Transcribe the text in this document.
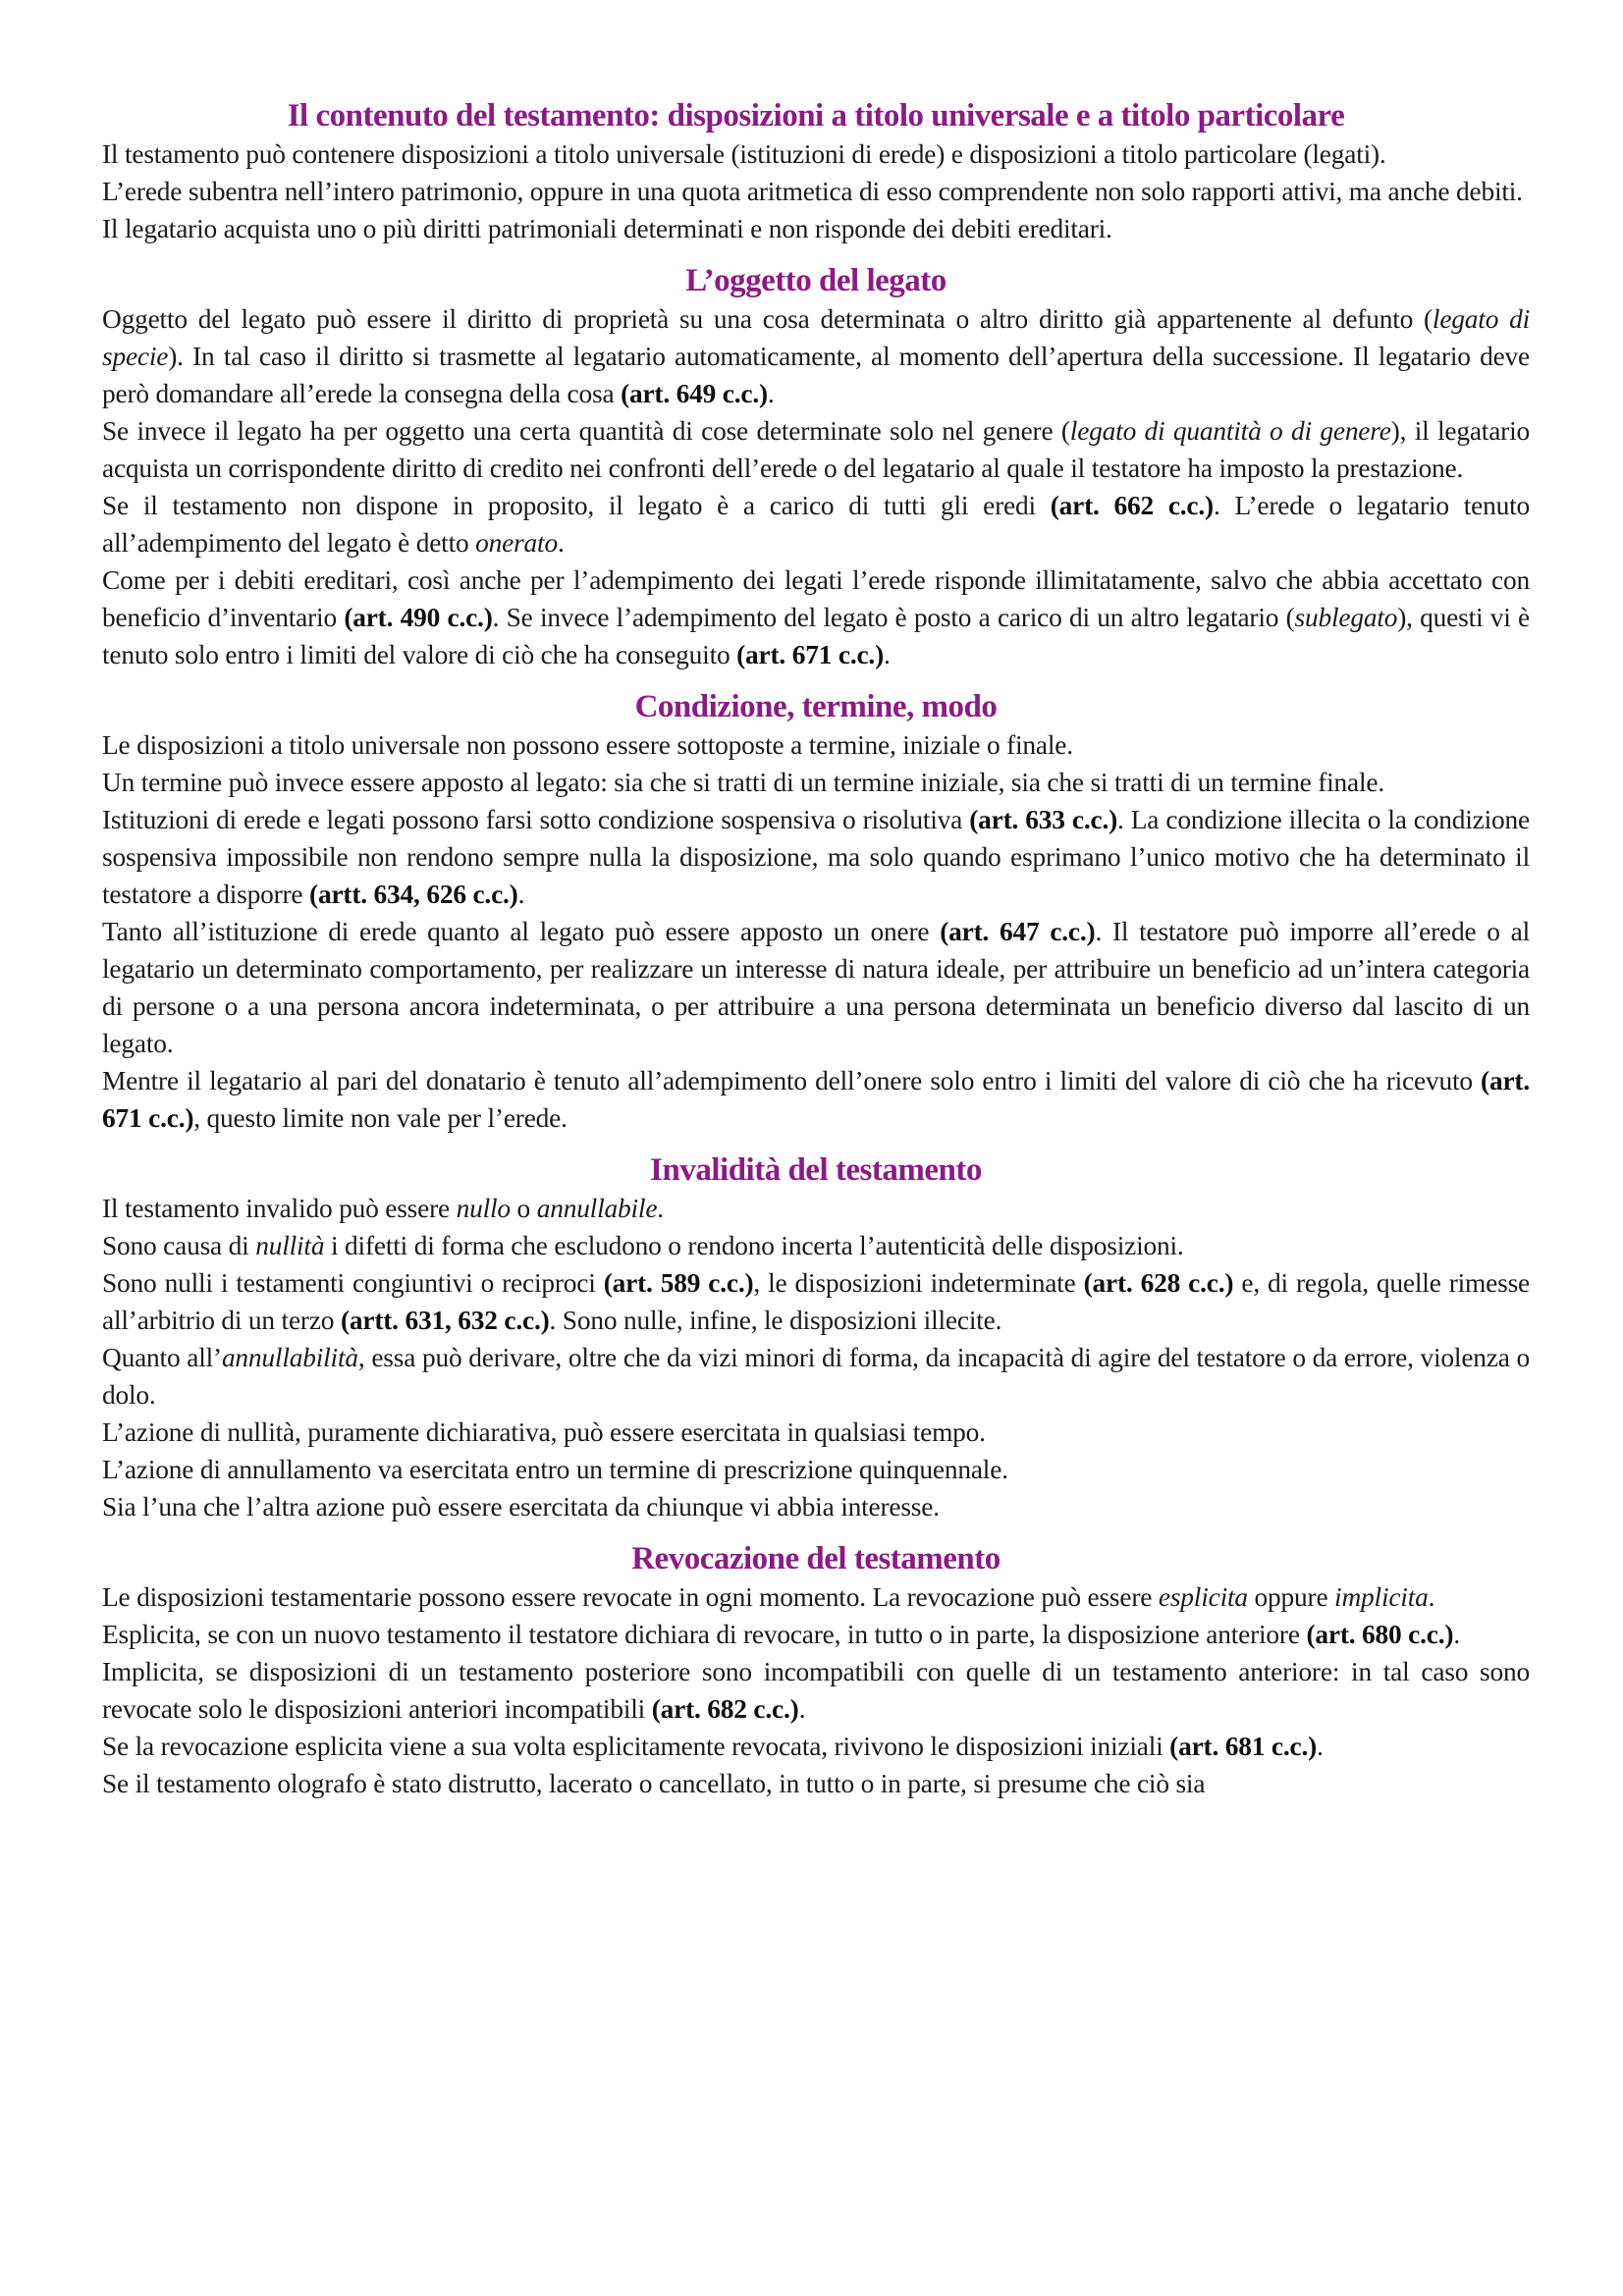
Il contenuto del testamento: disposizioni a titolo universale e a titolo particolare

Il testamento può contenere disposizioni a titolo universale (istituzioni di erede) e disposizioni a titolo particolare (legati).

L’erede subentra nell’intero patrimonio, oppure in una quota aritmetica di esso comprendente non solo rapporti attivi, ma anche debiti.

Il legatario acquista uno o più diritti patrimoniali determinati e non risponde dei debiti ereditari.

L’oggetto del legato

Oggetto del legato può essere il diritto di proprietà su una cosa determinata o altro diritto già appartenente al defunto (legato di specie). In tal caso il diritto si trasmette al legatario automaticamente, al momento dell’apertura della successione. Il legatario deve però domandare all’erede la consegna della cosa (art. 649 c.c.).

Se invece il legato ha per oggetto una certa quantità di cose determinate solo nel genere (legato di quantità o di genere), il legatario acquista un corrispondente diritto di credito nei confronti dell’erede o del legatario al quale il testatore ha imposto la prestazione.

Se il testamento non dispone in proposito, il legato è a carico di tutti gli eredi (art. 662 c.c.). L’erede o legatario tenuto all’adempimento del legato è detto onerato.

Come per i debiti ereditari, così anche per l’adempimento dei legati l’erede risponde illimitatamente, salvo che abbia accettato con beneficio d’inventario (art. 490 c.c.). Se invece l’adempimento del legato è posto a carico di un altro legatario (sublegato), questi vi è tenuto solo entro i limiti del valore di ciò che ha conseguito (art. 671 c.c.).

Condizione, termine, modo

Le disposizioni a titolo universale non possono essere sottoposte a termine, iniziale o finale.

Un termine può invece essere apposto al legato: sia che si tratti di un termine iniziale, sia che si tratti di un termine finale.

Istituzioni di erede e legati possono farsi sotto condizione sospensiva o risolutiva (art. 633 c.c.). La condizione illecita o la condizione sospensiva impossibile non rendono sempre nulla la disposizione, ma solo quando esprimano l’unico motivo che ha determinato il testatore a disporre (artt. 634, 626 c.c.).

Tanto all’istituzione di erede quanto al legato può essere apposto un onere (art. 647 c.c.). Il testatore può imporre all’erede o al legatario un determinato comportamento, per realizzare un interesse di natura ideale, per attribuire un beneficio ad un’intera categoria di persone o a una persona ancora indeterminata, o per attribuire a una persona determinata un beneficio diverso dal lascito di un legato.

Mentre il legatario al pari del donatario è tenuto all’adempimento dell’onere solo entro i limiti del valore di ciò che ha ricevuto (art. 671 c.c.), questo limite non vale per l’erede.

Invalidità del testamento

Il testamento invalido può essere nullo o annullabile.

Sono causa di nullità i difetti di forma che escludono o rendono incerta l’autenticità delle disposizioni.

Sono nulli i testamenti congiuntivi o reciproci (art. 589 c.c.), le disposizioni indeterminate (art. 628 c.c.) e, di regola, quelle rimesse all’arbitrio di un terzo (artt. 631, 632 c.c.). Sono nulle, infine, le disposizioni illecite.

Quanto all’annullabilità, essa può derivare, oltre che da vizi minori di forma, da incapacità di agire del testatore o da errore, violenza o dolo.

L’azione di nullità, puramente dichiarativa, può essere esercitata in qualsiasi tempo.

L’azione di annullamento va esercitata entro un termine di prescrizione quinquennale.

Sia l’una che l’altra azione può essere esercitata da chiunque vi abbia interesse.

Revocazione del testamento

Le disposizioni testamentarie possono essere revocate in ogni momento. La revocazione può essere esplicita oppure implicita.

Esplicita, se con un nuovo testamento il testatore dichiara di revocare, in tutto o in parte, la disposizione anteriore (art. 680 c.c.).

Implicita, se disposizioni di un testamento posteriore sono incompatibili con quelle di un testamento anteriore: in tal caso sono revocate solo le disposizioni anteriori incompatibili (art. 682 c.c.).

Se la revocazione esplicita viene a sua volta esplicitamente revocata, rivivono le disposizioni iniziali (art. 681 c.c.).

Se il testamento olografo è stato distrutto, lacerato o cancellato, in tutto o in parte, si presume che ciò sia
